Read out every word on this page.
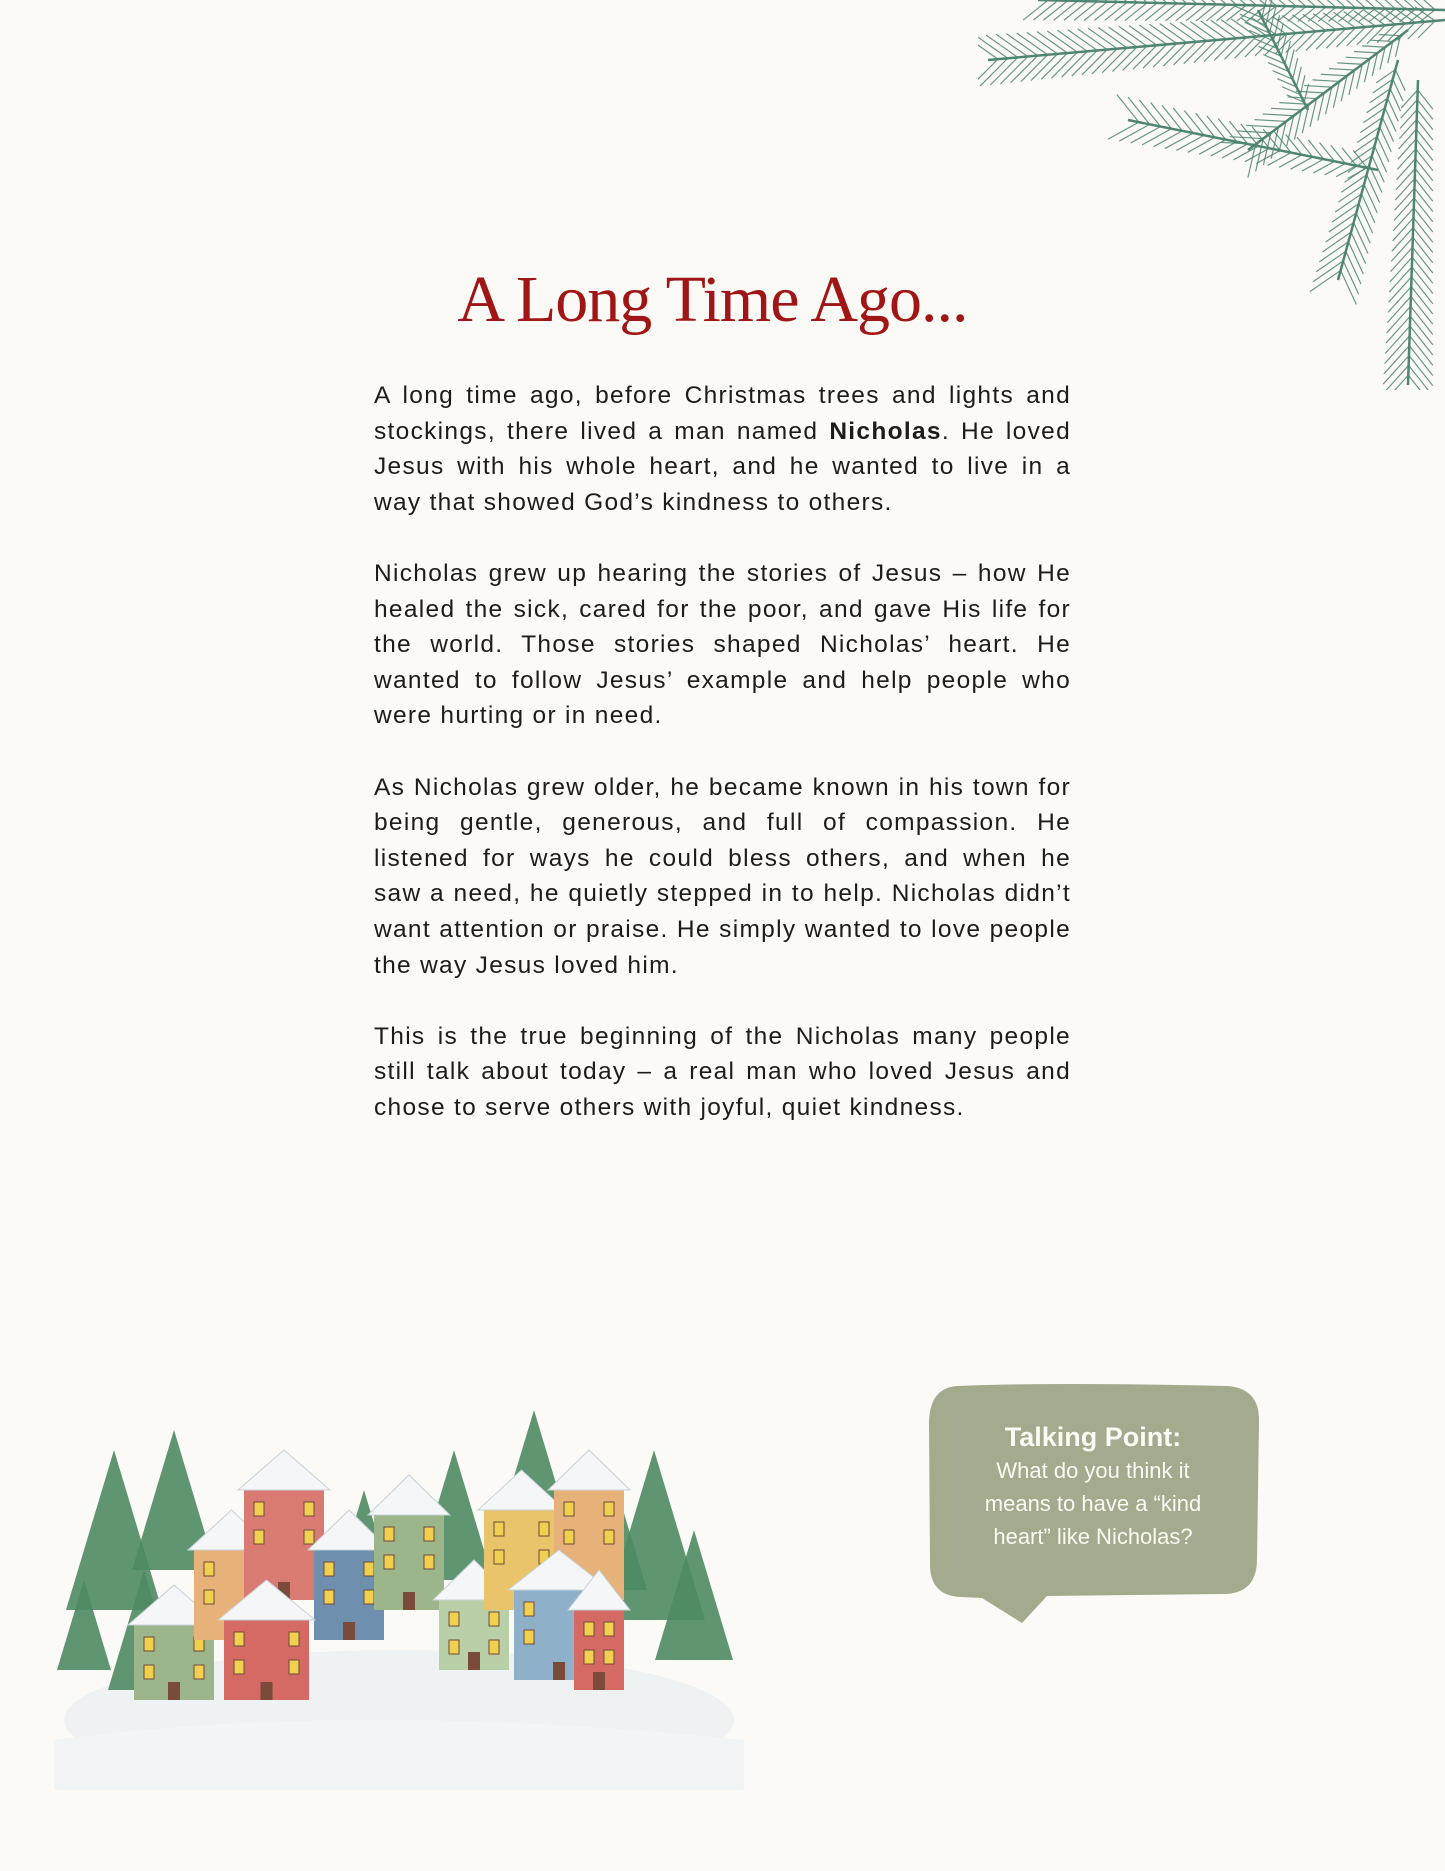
A Long Time Ago...

A long time ago, before Christmas trees and lights and stockings, there lived a man named Nicholas. He loved Jesus with his whole heart, and he wanted to live in a way that showed God’s kindness to others.

Nicholas grew up hearing the stories of Jesus – how He healed the sick, cared for the poor, and gave His life for the world. Those stories shaped Nicholas’ heart. He wanted to follow Jesus’ example and help people who were hurting or in need.

As Nicholas grew older, he became known in his town for being gentle, generous, and full of compassion. He listened for ways he could bless others, and when he saw a need, he quietly stepped in to help. Nicholas didn’t want attention or praise. He simply wanted to love people the way Jesus loved him.

This is the true beginning of the Nicholas many people still talk about today – a real man who loved Jesus and chose to serve others with joyful, quiet kindness.

Talking Point:
What do you think it means to have a “kind heart” like Nicholas?
